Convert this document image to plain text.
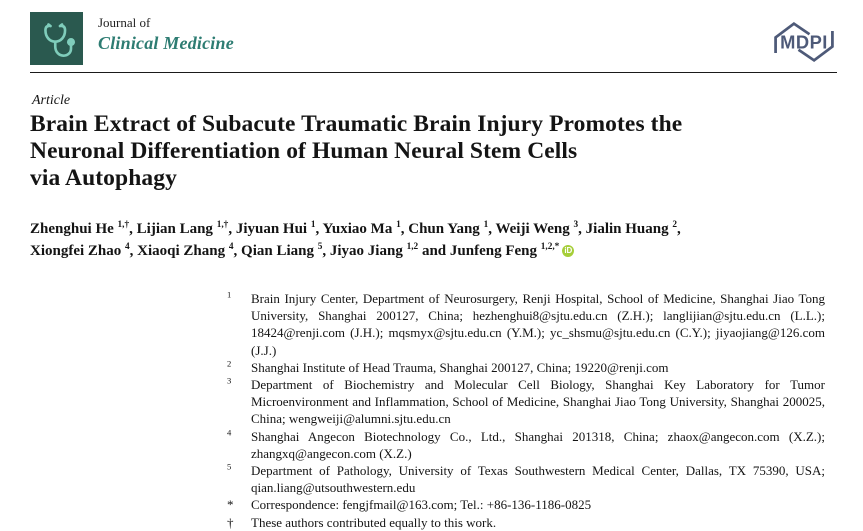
Journal of
Clinical Medicine	MDPI
Article
Brain Extract of Subacute Traumatic Brain Injury Promotes the
Neuronal Differentiation of Human Neural Stem Cells
via Autophagy
Zhenghui He $^{1,\dagger}$, Lijian Lang $^{1,\dagger}$, Jiyuan Hui $^1$, Yuxiao Ma $^1$, Chun Yang $^1$, Weiji Weng $^3$, Jialin Huang $^2$,
Xiongfei Zhao $^4$, Xiaoqi Zhang $^4$, Qian Liang $^5$, Jiyao Jiang $^{1,2}$ and Junfeng Feng $^{1,2,*}$ iD
$^1$	Brain Injury Center, Department of Neurosurgery, Renji Hospital, School of Medicine, Shanghai Jiao Tong University, Shanghai 200127, China; hezhenghui8@sjtu.edu.cn (Z.H.); langlijian@sjtu.edu.cn (L.L.); 18424@renji.com (J.H.); mqsmyx@sjtu.edu.cn (Y.M.); yc_shsmu@sjtu.edu.cn (C.Y.); jiyaojiang@126.com (J.J.)
$^2$	Shanghai Institute of Head Trauma, Shanghai 200127, China; 19220@renji.com
$^3$	Department of Biochemistry and Molecular Cell Biology, Shanghai Key Laboratory for Tumor Microenvironment and Inflammation, School of Medicine, Shanghai Jiao Tong University, Shanghai 200025, China; wengweiji@alumni.sjtu.edu.cn
$^4$	Shanghai Angecon Biotechnology Co., Ltd., Shanghai 201318, China; zhaox@angecon.com (X.Z.); zhangxq@angecon.com (X.Z.)
$^5$	Department of Pathology, University of Texas Southwestern Medical Center, Dallas, TX 75390, USA; qian.liang@utsouthwestern.edu
*	Correspondence: fengjfmail@163.com; Tel.: +86-136-1186-0825
†	These authors contributed equally to this work.
